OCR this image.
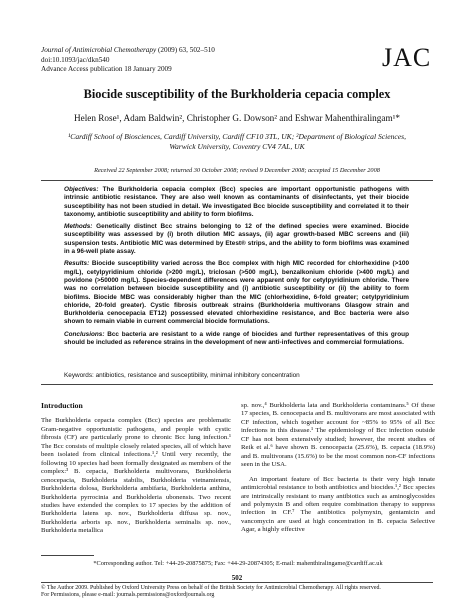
Journal of Antimicrobial Chemotherapy (2009) 63, 502–510
doi:10.1093/jac/dkn540
Advance Access publication 18 January 2009	JAC
Biocide susceptibility of the Burkholderia cepacia complex
Helen Rose¹, Adam Baldwin², Christopher G. Dowson² and Eshwar Mahenthiralingam¹*
¹Cardiff School of Biosciences, Cardiff University, Cardiff CF10 3TL, UK; ²Department of Biological Sciences,
Warwick University, Coventry CV4 7AL, UK
Received 22 September 2008; returned 30 October 2008; revised 9 December 2008; accepted 15 December 2008

Objectives: The Burkholderia cepacia complex (Bcc) species are important opportunistic pathogens with intrinsic antibiotic resistance. They are also well known as contaminants of disinfectants, yet their biocide susceptibility has not been studied in detail. We investigated Bcc biocide susceptibility and correlated it to their taxonomy, antibiotic susceptibility and ability to form biofilms.

Methods: Genetically distinct Bcc strains belonging to 12 of the defined species were examined. Biocide susceptibility was assessed by (i) broth dilution MIC assays, (ii) agar growth-based MBC screens and (iii) suspension tests. Antibiotic MIC was determined by Etest® strips, and the ability to form biofilms was examined in a 96-well plate assay.

Results: Biocide susceptibility varied across the Bcc complex with high MIC recorded for chlorhexidine (>100 mg/L), cetylpyridinium chloride (>200 mg/L), triclosan (>500 mg/L), benzalkonium chloride (>400 mg/L) and povidone (>50000 mg/L). Species-dependent differences were apparent only for cetylpyridinium chloride. There was no correlation between biocide susceptibility and (i) antibiotic susceptibility or (ii) the ability to form biofilms. Biocide MBC was considerably higher than the MIC (chlorhexidine, 6-fold greater; cetylpyridinium chloride, 20-fold greater). Cystic fibrosis outbreak strains (Burkholderia multivorans Glasgow strain and Burkholderia cenocepacia ET12) possessed elevated chlorhexidine resistance, and Bcc bacteria were also shown to remain viable in current commercial biocide formulations.

Conclusions: Bcc bacteria are resistant to a wide range of biocides and further representatives of this group should be included as reference strains in the development of new anti-infectives and commercial formulations.

Keywords: antibiotics, resistance and susceptibility, minimal inhibitory concentration
Introduction

The Burkholderia cepacia complex (Bcc) species are problematic Gram-negative opportunistic pathogens, and people with cystic fibrosis (CF) are particularly prone to chronic Bcc lung infection.¹ The Bcc consists of multiple closely related species, all of which have been isolated from clinical infections.¹,² Until very recently, the following 10 species had been formally designated as members of the complex:³ B. cepacia, Burkholderia multivorans, Burkholderia cenocepacia, Burkholderia stabilis, Burkholderia vietnamiensis, Burkholderia dolosa, Burkholderia ambifaria, Burkholderia anthina, Burkholderia pyrrocinia and Burkholderia ubonensis. Two recent studies have extended the complex to 17 species by the addition of Burkholderia latens sp. nov., Burkholderia diffusa sp. nov., Burkholderia arboris sp. nov., Burkholderia seminalis sp. nov., Burkholderia metallica

sp. nov.,⁴ Burkholderia lata and Burkholderia contaminans.⁵ Of these 17 species, B. cenocepacia and B. multivorans are most associated with CF infection, which together account for ~85% to 95% of all Bcc infections in this disease.¹ The epidemiology of Bcc infection outside CF has not been extensively studied; however, the recent studies of Reik et al.⁶ have shown B. cenocepacia (25.6%), B. cepacia (18.9%) and B. multivorans (15.6%) to be the most common non-CF infections seen in the USA.

An important feature of Bcc bacteria is their very high innate antimicrobial resistance to both antibiotics and biocides.¹,² Bcc species are intrinsically resistant to many antibiotics such as aminoglycosides and polymyxin B and often require combination therapy to suppress infection in CF.⁷ The antibiotics polymyxin, gentamicin and vancomycin are used at high concentration in B. cepacia Selective Agar, a highly effective

*Corresponding author. Tel: +44-29-20875875; Fax: +44-29-20874305; E-mail: mahenthiralingame@cardiff.ac.uk
502
© The Author 2009. Published by Oxford University Press on behalf of the British Society for Antimicrobial Chemotherapy. All rights reserved.
For Permissions, please e-mail: journals.permissions@oxfordjournals.org
